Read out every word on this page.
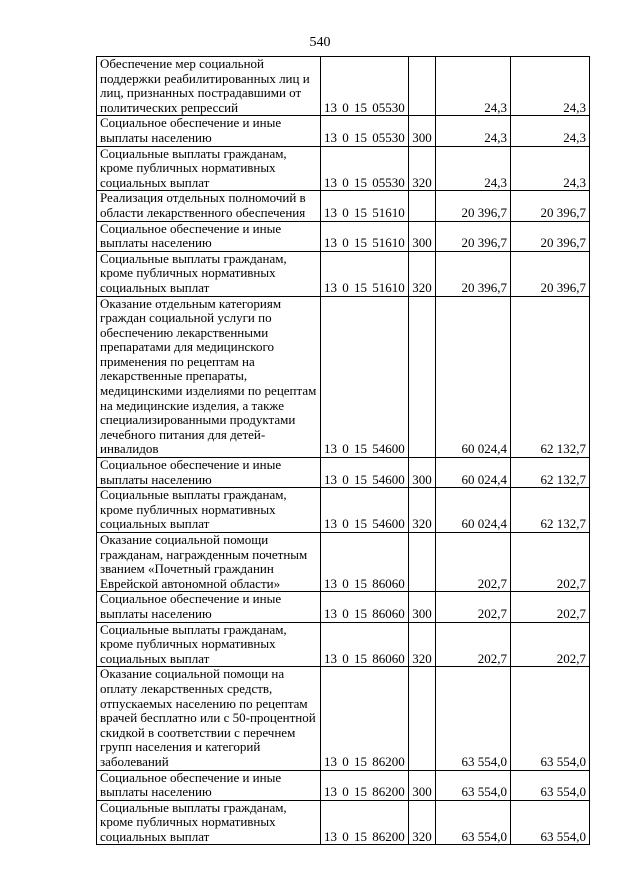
540
Обеспечение мер социальной поддержки реабилитированных лиц и лиц, признанных пострадавшими от политических репрессий	13 0 15 05530		24,3	24,3
Социальное обеспечение и иные выплаты населению	13 0 15 05530	300	24,3	24,3
Социальные выплаты гражданам, кроме публичных нормативных социальных выплат	13 0 15 05530	320	24,3	24,3
Реализация отдельных полномочий в области лекарственного обеспечения	13 0 15 51610		20 396,7	20 396,7
Социальное обеспечение и иные выплаты населению	13 0 15 51610	300	20 396,7	20 396,7
Социальные выплаты гражданам, кроме публичных нормативных социальных выплат	13 0 15 51610	320	20 396,7	20 396,7
Оказание отдельным категориям граждан социальной услуги по обеспечению лекарственными препаратами для медицинского применения по рецептам на лекарственные препараты, медицинскими изделиями по рецептам на медицинские изделия, а также специализированными продуктами лечебного питания для детей-инвалидов	13 0 15 54600		60 024,4	62 132,7
Социальное обеспечение и иные выплаты населению	13 0 15 54600	300	60 024,4	62 132,7
Социальные выплаты гражданам, кроме публичных нормативных социальных выплат	13 0 15 54600	320	60 024,4	62 132,7
Оказание социальной помощи гражданам, награжденным почетным званием «Почетный гражданин Еврейской автономной области»	13 0 15 86060		202,7	202,7
Социальное обеспечение и иные выплаты населению	13 0 15 86060	300	202,7	202,7
Социальные выплаты гражданам, кроме публичных нормативных социальных выплат	13 0 15 86060	320	202,7	202,7
Оказание социальной помощи на оплату лекарственных средств, отпускаемых населению по рецептам врачей бесплатно или с 50-процентной скидкой в соответствии с перечнем групп населения и категорий заболеваний	13 0 15 86200		63 554,0	63 554,0
Социальное обеспечение и иные выплаты населению	13 0 15 86200	300	63 554,0	63 554,0
Социальные выплаты гражданам, кроме публичных нормативных социальных выплат	13 0 15 86200	320	63 554,0	63 554,0
